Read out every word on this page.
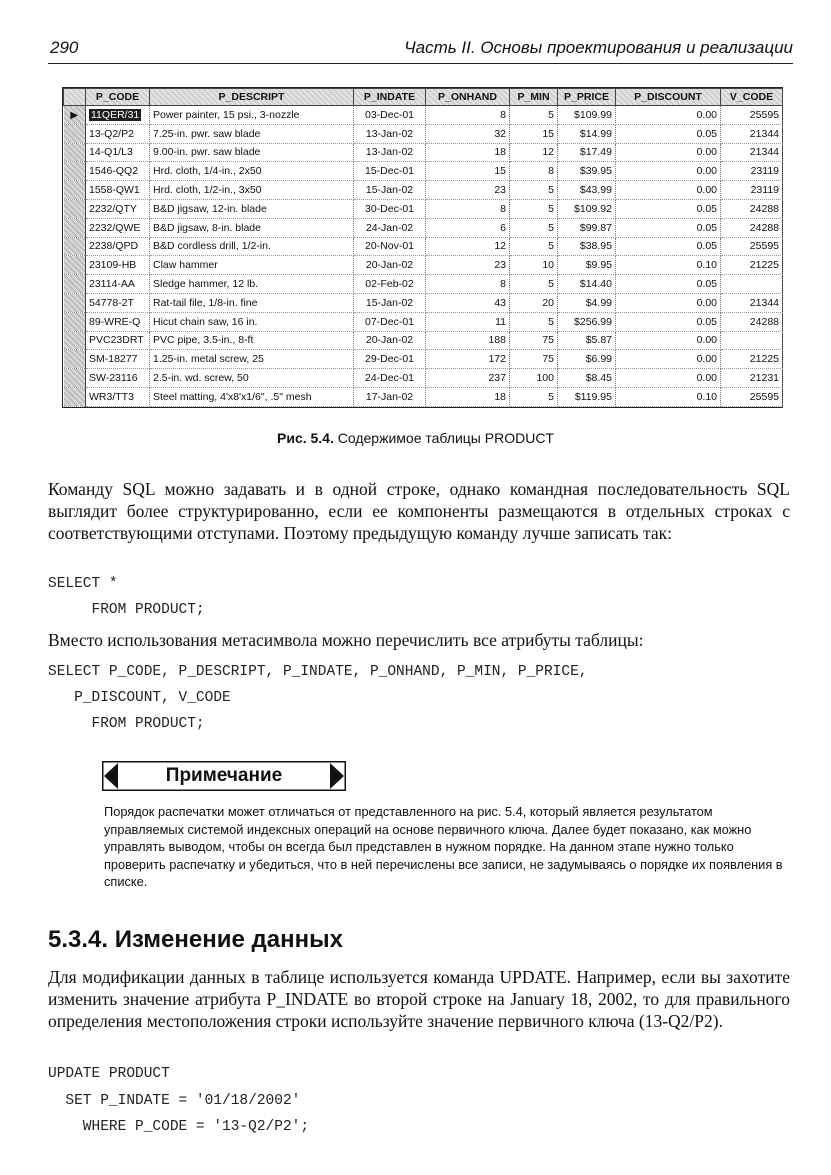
290	Часть II. Основы проектирования и реализации
	P_CODE	P_DESCRIPT	P_INDATE	P_ONHAND	P_MIN	P_PRICE	P_DISCOUNT	V_CODE
▶	11QER/31	Power painter, 15 psi., 3-nozzle	03-Dec-01	8	5	$109.99	0.00	25595
	13-Q2/P2	7.25-in. pwr. saw blade	13-Jan-02	32	15	$14.99	0.05	21344
	14-Q1/L3	9.00-in. pwr. saw blade	13-Jan-02	18	12	$17.49	0.00	21344
	1546-QQ2	Hrd. cloth, 1/4-in., 2x50	15-Dec-01	15	8	$39.95	0.00	23119
	1558-QW1	Hrd. cloth, 1/2-in., 3x50	15-Jan-02	23	5	$43.99	0.00	23119
	2232/QTY	B&D jigsaw, 12-in. blade	30-Dec-01	8	5	$109.92	0.05	24288
	2232/QWE	B&D jigsaw, 8-in. blade	24-Jan-02	6	5	$99.87	0.05	24288
	2238/QPD	B&D cordless drill, 1/2-in.	20-Nov-01	12	5	$38.95	0.05	25595
	23109-HB	Claw hammer	20-Jan-02	23	10	$9.95	0.10	21225
	23114-AA	Sledge hammer, 12 lb.	02-Feb-02	8	5	$14.40	0.05	
	54778-2T	Rat-tail file, 1/8-in. fine	15-Jan-02	43	20	$4.99	0.00	21344
	89-WRE-Q	Hicut chain saw, 16 in.	07-Dec-01	11	5	$256.99	0.05	24288
	PVC23DRT	PVC pipe, 3.5-in., 8-ft	20-Jan-02	188	75	$5.87	0.00	
	SM-18277	1.25-in. metal screw, 25	29-Dec-01	172	75	$6.99	0.00	21225
	SW-23116	2.5-in. wd. screw, 50	24-Dec-01	237	100	$8.45	0.00	21231
	WR3/TT3	Steel matting, 4'x8'x1/6", .5" mesh	17-Jan-02	18	5	$119.95	0.10	25595
Рис. 5.4. Содержимое таблицы PRODUCT
Команду SQL можно задавать и в одной строке, однако командная последовательность SQL выглядит более структурированно, если ее компоненты размещаются в отдельных строках с соответствующими отступами. Поэтому предыдущую команду лучше записать так:
SELECT *
FROM PRODUCT;
Вместо использования метасимвола можно перечислить все атрибуты таблицы:
SELECT P_CODE, P_DESCRIPT, P_INDATE, P_ONHAND, P_MIN, P_PRICE,
P_DISCOUNT, V_CODE
FROM PRODUCT;
Примечание
Порядок распечатки может отличаться от представленного на рис. 5.4, который является результатом управляемых системой индексных операций на основе первичного ключа. Далее будет показано, как можно управлять выводом, чтобы он всегда был представлен в нужном порядке. На данном этапе нужно только проверить распечатку и убедиться, что в ней перечислены все записи, не задумываясь о порядке их появления в списке.
5.3.4. Изменение данных
Для модификации данных в таблице используется команда UPDATE. Например, если вы захотите изменить значение атрибута P_INDATE во второй строке на January 18, 2002, то для правильного определения местоположения строки используйте значение первичного ключа (13-Q2/P2).
UPDATE PRODUCT
SET P_INDATE = '01/18/2002'
WHERE P_CODE = '13-Q2/P2';
